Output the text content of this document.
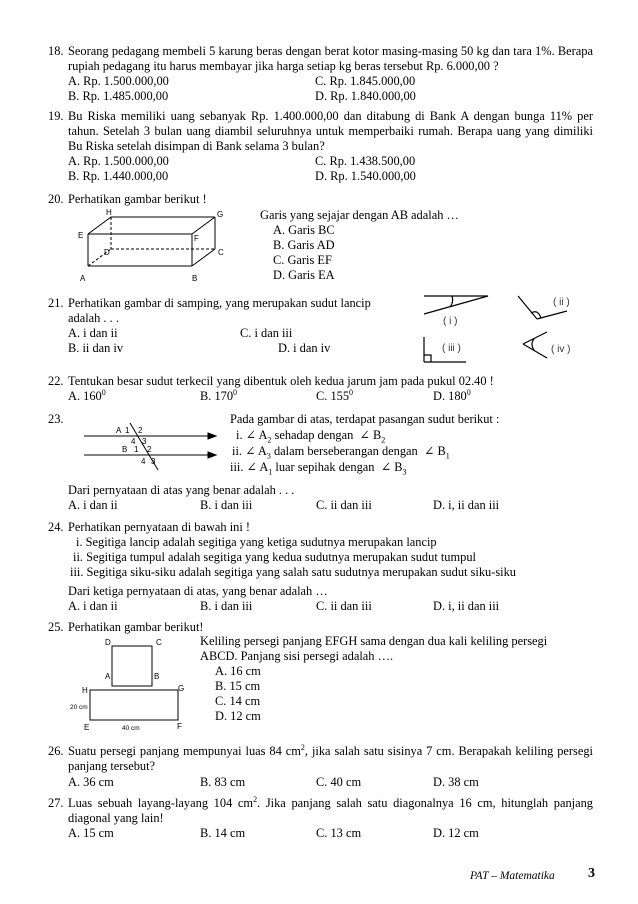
18. Seorang pedagang membeli 5 karung beras dengan berat kotor masing-masing 50 kg dan tara 1%. Berapa rupiah pedagang itu harus membayar jika harga setiap kg beras tersebut Rp. 6.000,00 ?
A. Rp. 1.500.000,00	C. Rp. 1.845.000,00
B. Rp. 1.485.000,00	D. Rp. 1.840.000,00
19. Bu Riska memiliki uang sebanyak Rp. 1.400.000,00 dan ditabung di Bank A dengan bunga 11% per tahun. Setelah 3 bulan uang diambil seluruhnya untuk memperbaiki rumah. Berapa uang yang dimiliki Bu Riska setelah disimpan di Bank selama 3 bulan?
A. Rp. 1.500.000,00	C. Rp. 1.438.500,00
B. Rp. 1.440.000,00	D. Rp. 1.540.000,00
20. Perhatikan gambar berikut !
H	G
E	F
D	C
A	B
Garis yang sejajar dengan AB adalah …
A. Garis BC
B. Garis AD
C. Garis EF
D. Garis EA
21. Perhatikan gambar di samping, yang merupakan sudut lancip
adalah . . .
A. i dan ii	C. i dan iii
B. ii dan iv	D. i dan iv
( i )
( ii )
( iii )	( iv )
22. Tentukan besar sudut terkecil yang dibentuk oleh kedua jarum jam pada pukul 02.40 !
A. $160^0$	B. $170^0$	C. $155^0$	D. $180^0$
23.
A 1 2
4 3
B 1 2
4 3
Pada gambar di atas, terdapat pasangan sudut berikut :
i. ∠ $A_2$ sehadap dengan  ∠ $B_2$
ii. ∠ $A_3$ dalam berseberangan dengan  ∠ $B_1$
iii. ∠ $A_1$ luar sepihak dengan  ∠ $B_3$
Dari pernyataan di atas yang benar adalah . . .
A. i dan ii	B. i dan iii	C. ii dan iii	D. i, ii dan iii
24. Perhatikan pernyataan di bawah ini !
i. Segitiga lancip adalah segitiga yang ketiga sudutnya merupakan lancip
ii. Segitiga tumpul adalah segitiga yang kedua sudutnya merupakan sudut tumpul
iii. Segitiga siku-siku adalah segitiga yang salah satu sudutnya merupakan sudut siku-siku
Dari ketiga pernyataan di atas, yang benar adalah …
A. i dan ii	B. i dan iii	C. ii dan iii	D. i, ii dan iii
25. Perhatikan gambar berikut!
D	C
A	B
H	G
20 cm
E	40 cm	F
Keliling persegi panjang EFGH sama dengan dua kali keliling persegi
ABCD. Panjang sisi persegi adalah ….
A. 16 cm
B. 15 cm
C. 14 cm
D. 12 cm
26. Suatu persegi panjang mempunyai luas 84 $cm^2$, jika salah satu sisinya 7 cm. Berapakah keliling persegi panjang tersebut?
A. 36 cm	B. 83 cm	C. 40 cm	D. 38 cm
27. Luas sebuah layang-layang 104 $cm^2$. Jika panjang salah satu diagonalnya 16 cm, hitunglah panjang diagonal yang lain!
A. 15 cm	B. 14 cm	C. 13 cm	D. 12 cm
PAT – Matematika 3
